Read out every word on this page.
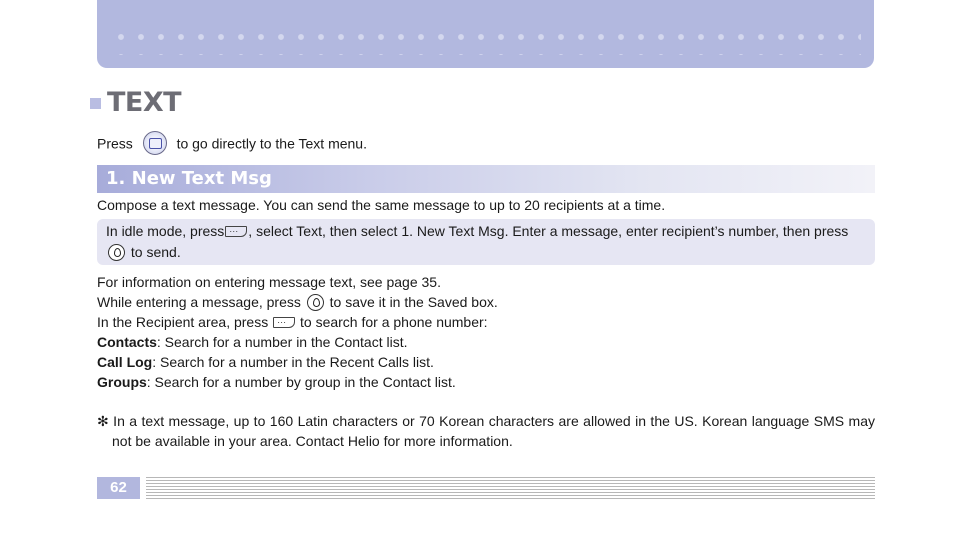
TEXT
Press	to go directly to the Text menu.
1. New Text Msg
Compose a text message. You can send the same message to up to 20 recipients at a time.
In idle mode, press ··· , select Text, then select 1. New Text Msg. Enter a message, enter recipient’s number, then press
to send.
For information on entering message text, see page 35.
While entering a message, press to save it in the Saved box.
In the Recipient area, press ··· to search for a phone number:
Contacts: Search for a number in the Contact list.
Call Log: Search for a number in the Recent Calls list.
Groups: Search for a number by group in the Contact list.
✻ In a text message, up to 160 Latin characters or 70 Korean characters are allowed in the US. Korean language SMS may not be available in your area. Contact Helio for more information.
62
